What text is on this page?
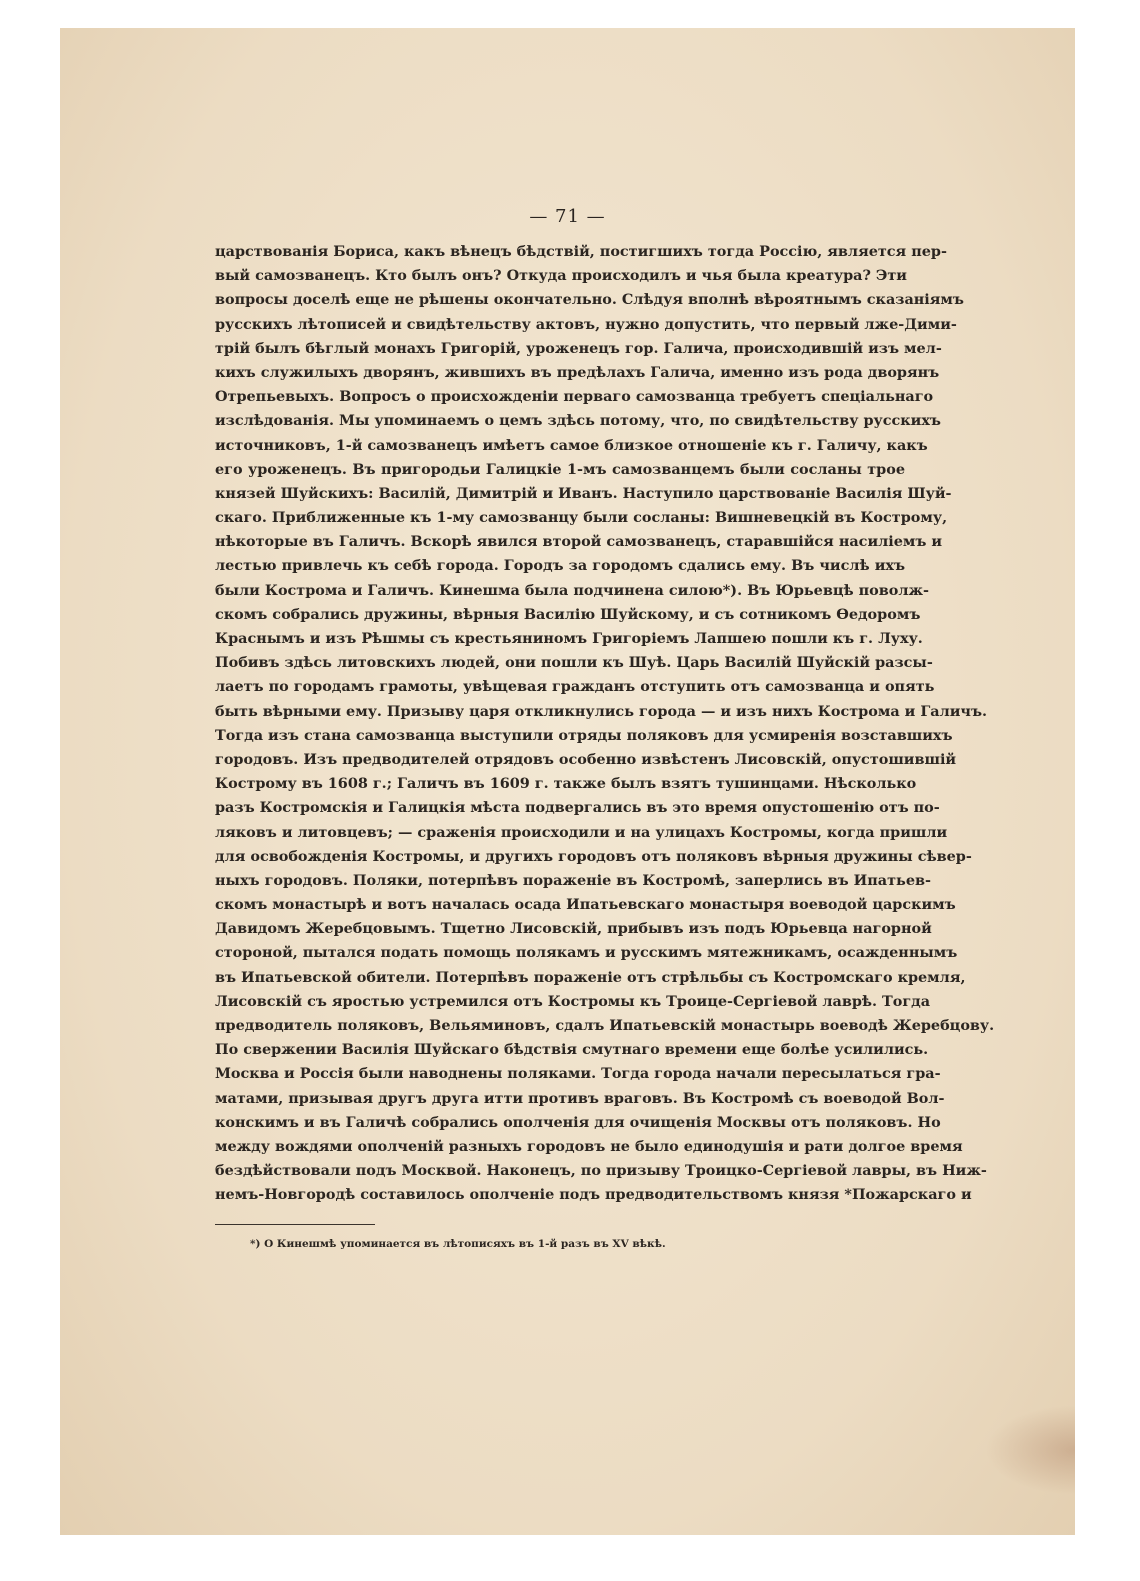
— 71 —
царствованія Бориса, какъ вѣнецъ бѣдствій, постигшихъ тогда Россію, является пер-
вый самозванецъ. Кто былъ онъ? Откуда происходилъ и чья была креатура? Эти
вопросы доселѣ еще не рѣшены окончательно. Слѣдуя вполнѣ вѣроятнымъ сказаніямъ
русскихъ лѣтописей и свидѣтельству актовъ, нужно допустить, что первый лже-Дими-
трій былъ бѣглый монахъ Григорій, уроженецъ гор. Галича, происходившій изъ мел-
кихъ служилыхъ дворянъ, жившихъ въ предѣлахъ Галича, именно изъ рода дворянъ
Отрепьевыхъ. Вопросъ о происхожденіи перваго самозванца требуетъ спеціальнаго
изслѣдованія. Мы упоминаемъ о цемъ здѣсь потому, что, по свидѣтельству русскихъ
источниковъ, 1-й самозванецъ имѣетъ самое близкое отношеніе къ г. Галичу, какъ
его уроженецъ. Въ пригородьи Галицкіе 1-мъ самозванцемъ были сосланы трое
князей Шуйскихъ: Василій, Димитрій и Иванъ. Наступило царствованіе Василія Шуй-
скаго. Приближенные къ 1-му самозванцу были сосланы: Вишневецкій въ Кострому,
нѣкоторые въ Галичъ. Вскорѣ явился второй самозванецъ, старавшійся насиліемъ и
лестью привлечь къ себѣ города. Городъ за городомъ сдались ему. Въ числѣ ихъ
были Кострома и Галичъ. Кинешма была подчинена силою*). Въ Юрьевцѣ поволж-
скомъ собрались дружины, вѣрныя Василію Шуйскому, и съ сотникомъ Ѳедоромъ
Краснымъ и изъ Рѣшмы съ крестьяниномъ Григоріемъ Лапшею пошли къ г. Луху.
Побивъ здѣсь литовскихъ людей, они пошли къ Шуѣ. Царь Василій Шуйскій разсы-
лаетъ по городамъ грамоты, увѣщевая гражданъ отступить отъ самозванца и опять
быть вѣрными ему. Призыву царя откликнулись города — и изъ нихъ Кострома и Галичъ.
Тогда изъ стана самозванца выступили отряды поляковъ для усмиренія возставшихъ
городовъ. Изъ предводителей отрядовъ особенно извѣстенъ Лисовскій, опустошившій
Кострому въ 1608 г.; Галичъ въ 1609 г. также былъ взятъ тушинцами. Нѣсколько
разъ Костромскія и Галицкія мѣста подвергались въ это время опустошенію отъ по-
ляковъ и литовцевъ; — сраженія происходили и на улицахъ Костромы, когда пришли
для освобожденія Костромы, и другихъ городовъ отъ поляковъ вѣрныя дружины сѣвер-
ныхъ городовъ. Поляки, потерпѣвъ пораженіе въ Костромѣ, заперлись въ Ипатьев-
скомъ монастырѣ и вотъ началась осада Ипатьевскаго монастыря воеводой царскимъ
Давидомъ Жеребцовымъ. Тщетно Лисовскій, прибывъ изъ подъ Юрьевца нагорной
стороной, пытался подать помощь полякамъ и русскимъ мятежникамъ, осажденнымъ
въ Ипатьевской обители. Потерпѣвъ пораженіе отъ стрѣльбы съ Костромскаго кремля,
Лисовскій съ яростью устремился отъ Костромы къ Троице-Сергіевой лаврѣ. Тогда
предводитель поляковъ, Вельяминовъ, сдалъ Ипатьевскій монастырь воеводѣ Жеребцову.
По свержении Василія Шуйскаго бѣдствія смутнаго времени еще болѣе усилились.
Москва и Россія были наводнены поляками. Тогда города начали пересылаться гра-
матами, призывая другъ друга итти противъ враговъ. Въ Костромѣ съ воеводой Вол-
конскимъ и въ Галичѣ собрались ополченія для очищенія Москвы отъ поляковъ. Но
между вождями ополченій разныхъ городовъ не было единодушія и рати долгое время
бездѣйствовали подъ Москвой. Наконецъ, по призыву Троицко-Сергіевой лавры, въ Ниж-
немъ-Новгородѣ составилось ополченіе подъ предводительствомъ князя *Пожарскаго и
*) О Кинешмѣ упоминается въ лѣтописяхъ въ 1-й разъ въ XV вѣкѣ.
